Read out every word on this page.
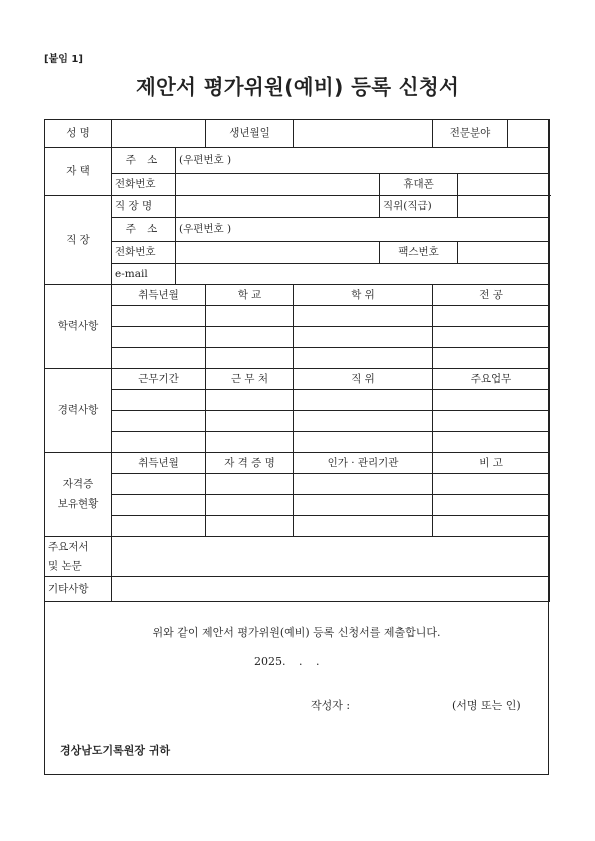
[붙임 1]
제안서 평가위원(예비) 등록 신청서
성 명			생년월일			전문분야		
자 택	주 소	(우편번호 )						
	전화번호				휴대폰			
직 장	직 장 명				직위(직급)			
	주 소	(우편번호 )						
	전화번호				팩스번호			
	e-mail							
학력사항	취득년월		학 교	학 위		전 공		

경력사항	근무기간		근 무 처	직 위		주요업무		

자격증
보유현황	취득년월		자 격 증 명	인가 · 관리기관		비 고		

주요저서
및 논문								
기타사항								
위와 같이 제안서 평가위원(예비) 등록 신청서를 제출합니다.
2025. . .
작성자 :	(서명 또는 인)
경상남도기록원장 귀하
